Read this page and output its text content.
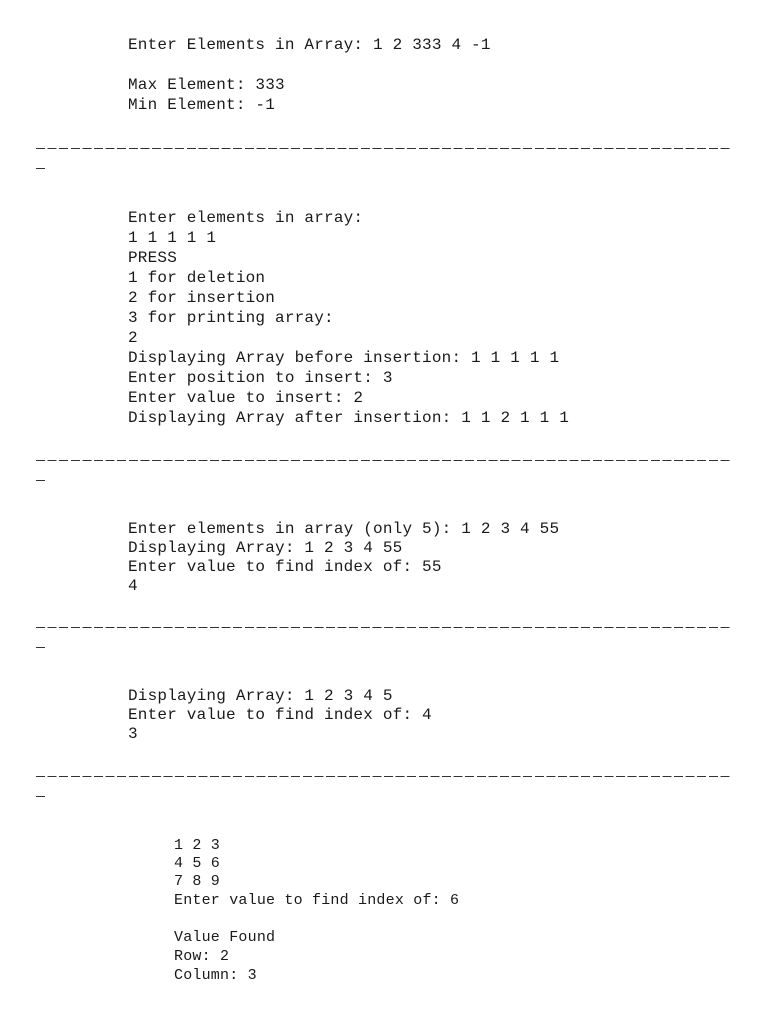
Enter Elements in Array: 1 2 333 4 -1
Max Element: 333
Min Element: -1
Enter elements in array:
1 1 1 1 1
PRESS
1 for deletion
2 for insertion
3 for printing array:
2
Displaying Array before insertion: 1 1 1 1 1
Enter position to insert: 3
Enter value to insert: 2
Displaying Array after insertion: 1 1 2 1 1 1
Enter elements in array (only 5): 1 2 3 4 55
Displaying Array: 1 2 3 4 55
Enter value to find index of: 55
4
Displaying Array: 1 2 3 4 5
Enter value to find index of: 4
3
1 2 3
4 5 6
7 8 9
Enter value to find index of: 6
Value Found
Row: 2
Column: 3
